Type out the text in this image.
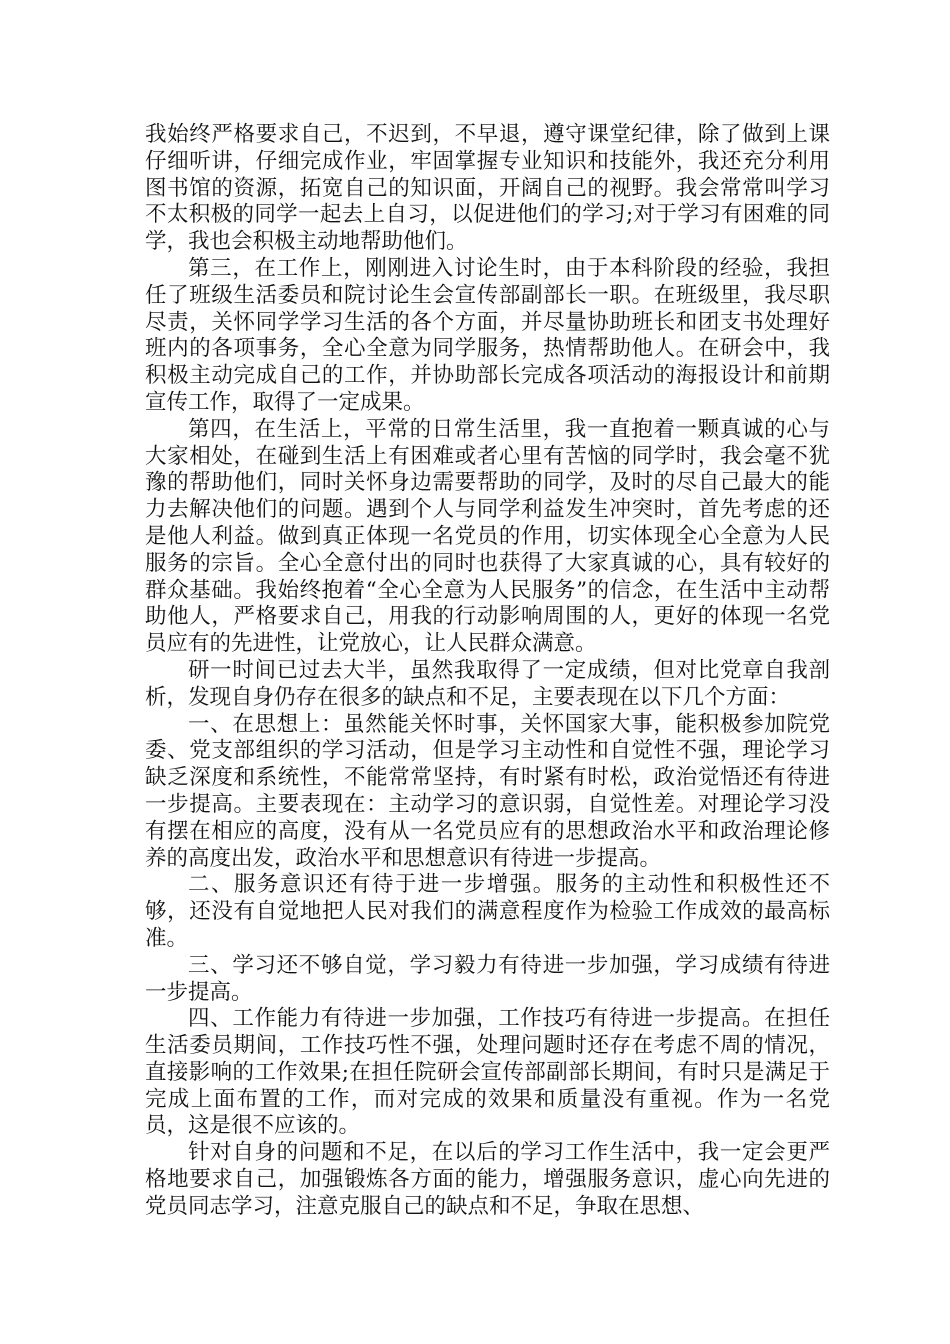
我始终严格要求自己，不迟到，不早退，遵守课堂纪律，除了做到上课仔细听讲，仔细完成作业，牢固掌握专业知识和技能外，我还充分利用图书馆的资源，拓宽自己的知识面，开阔自己的视野。我会常常叫学习不太积极的同学一起去上自习，以促进他们的学习;对于学习有困难的同学，我也会积极主动地帮助他们。

第三，在工作上，刚刚进入讨论生时，由于本科阶段的经验，我担任了班级生活委员和院讨论生会宣传部副部长一职。在班级里，我尽职尽责，关怀同学学习生活的各个方面，并尽量协助班长和团支书处理好班内的各项事务，全心全意为同学服务，热情帮助他人。在研会中，我积极主动完成自己的工作，并协助部长完成各项活动的海报设计和前期宣传工作，取得了一定成果。

第四，在生活上，平常的日常生活里，我一直抱着一颗真诚的心与大家相处，在碰到生活上有困难或者心里有苦恼的同学时，我会毫不犹豫的帮助他们，同时关怀身边需要帮助的同学，及时的尽自己最大的能力去解决他们的问题。遇到个人与同学利益发生冲突时，首先考虑的还是他人利益。做到真正体现一名党员的作用，切实体现全心全意为人民服务的宗旨。全心全意付出的同时也获得了大家真诚的心，具有较好的群众基础。我始终抱着“全心全意为人民服务”的信念，在生活中主动帮助他人，严格要求自己，用我的行动影响周围的人，更好的体现一名党员应有的先进性，让党放心，让人民群众满意。

研一时间已过去大半，虽然我取得了一定成绩，但对比党章自我剖析，发现自身仍存在很多的缺点和不足，主要表现在以下几个方面：

一、在思想上：虽然能关怀时事，关怀国家大事，能积极参加院党委、党支部组织的学习活动，但是学习主动性和自觉性不强，理论学习缺乏深度和系统性，不能常常坚持，有时紧有时松，政治觉悟还有待进一步提高。主要表现在：主动学习的意识弱，自觉性差。对理论学习没有摆在相应的高度，没有从一名党员应有的思想政治水平和政治理论修养的高度出发，政治水平和思想意识有待进一步提高。

二、服务意识还有待于进一步增强。服务的主动性和积极性还不够，还没有自觉地把人民对我们的满意程度作为检验工作成效的最高标准。

三、学习还不够自觉，学习毅力有待进一步加强，学习成绩有待进一步提高。

四、工作能力有待进一步加强，工作技巧有待进一步提高。在担任生活委员期间，工作技巧性不强，处理问题时还存在考虑不周的情况，直接影响的工作效果;在担任院研会宣传部副部长期间，有时只是满足于完成上面布置的工作，而对完成的效果和质量没有重视。作为一名党员，这是很不应该的。

针对自身的问题和不足，在以后的学习工作生活中，我一定会更严格地要求自己，加强锻炼各方面的能力，增强服务意识，虚心向先进的党员同志学习，注意克服自己的缺点和不足，争取在思想、
